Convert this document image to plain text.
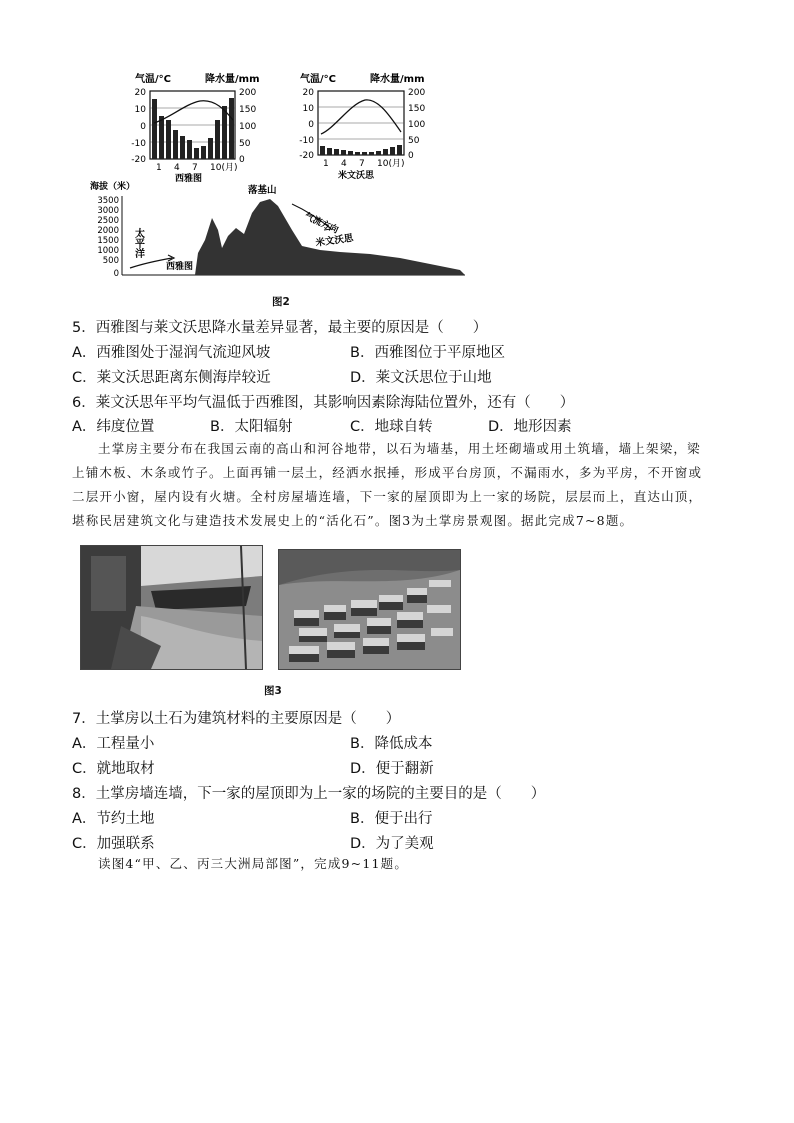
气温/°C	降水量/mm
20
10
0
-10
-20
200
150
100
50
0
1 4 7 10(月)
西雅图
气温/°C	降水量/mm
20
10
0
-10
-20
200
150
100
50
0
1 4 7 10(月)
米文沃思
海拔（米）
3500
3000
2500
2000
1500
1000
500
0
太平洋
西雅图
落基山
气流方向
米文沃思
图2
5．西雅图与莱文沃思降水量差异显著，最主要的原因是（　　）
A．西雅图处于湿润气流迎风坡	B．西雅图位于平原地区
C．莱文沃思距离东侧海岸较近	D．莱文沃思位于山地
6．莱文沃思年平均气温低于西雅图，其影响因素除海陆位置外，还有（　　）
A．纬度位置	B．太阳辐射	C．地球自转	D．地形因素
土掌房主要分布在我国云南的高山和河谷地带，以石为墙基，用土坯砌墙或用土筑墙，墙上架梁，梁
上铺木板、木条或竹子。上面再铺一层土，经洒水抿捶，形成平台房顶，不漏雨水，多为平房，不开窗或
二层开小窗，屋内设有火塘。全村房屋墙连墙，下一家的屋顶即为上一家的场院，层层而上，直达山顶，
堪称民居建筑文化与建造技术发展史上的“活化石”。图3为土掌房景观图。据此完成7~8题。
图3
7．土掌房以土石为建筑材料的主要原因是（　　）
A．工程量小	B．降低成本
C．就地取材	D．便于翻新
8．土掌房墙连墙，下一家的屋顶即为上一家的场院的主要目的是（　　）
A．节约土地	B．便于出行
C．加强联系	D．为了美观
读图4“甲、乙、丙三大洲局部图”，完成9~11题。
